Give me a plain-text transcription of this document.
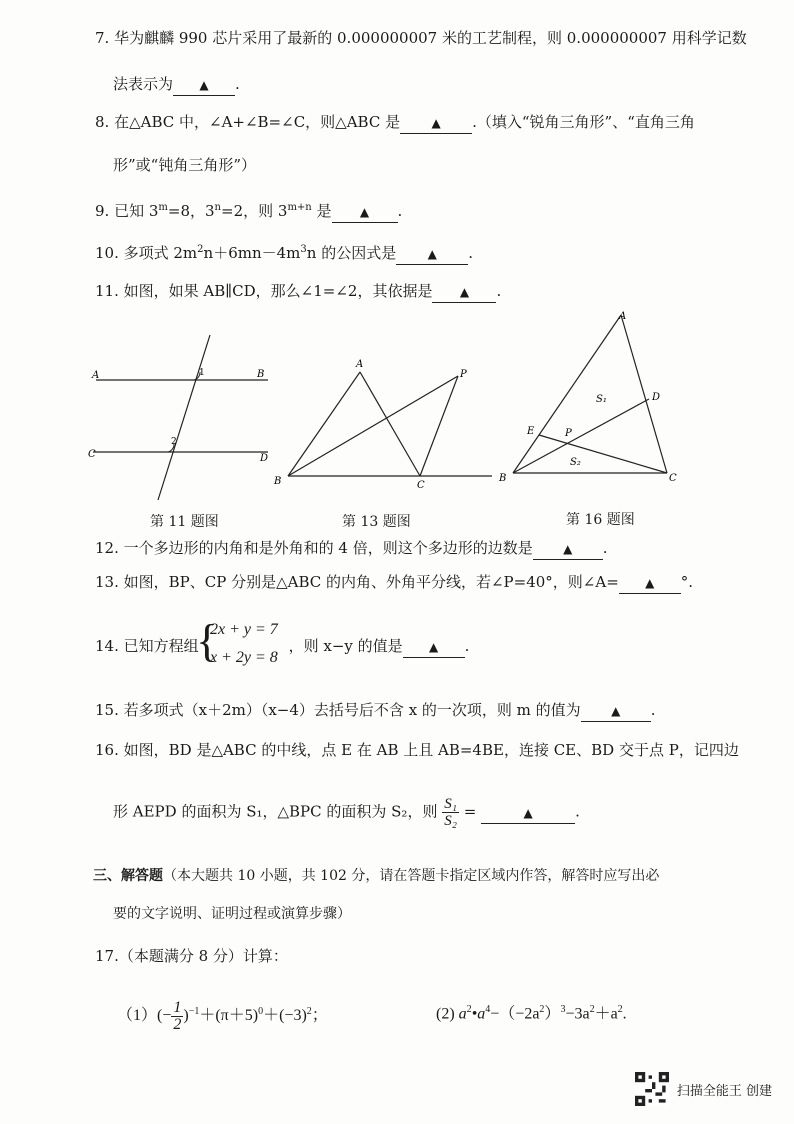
7. 华为麒麟 990 芯片采用了最新的 0.000000007 米的工艺制程，则 0.000000007 用科学记数
法表示为 ▲ .
8. 在△ABC 中，∠A+∠B=∠C，则△ABC 是	▲ .（填入“锐角三角形”、“直角三角
形”或“钝角三角形”）
9. 已知 $3^m=8$，$3^n=2$，则 $3^{m+n}$ 是 ▲ .
10. 多项式 $2m^2n+6mn-4m^3n$ 的公因式是	▲ .
11. 如图，如果 AB∥CD，那么∠1=∠2，其依据是 ▲ .
A	B
C	D
1
2
第 11 题图
A
B	C
P
第 13 题图
A
B	C
D
E	P
S₁
S₂
第 16 题图
12. 一个多边形的内角和是外角和的 4 倍，则这个多边形的边数是	▲ .
13. 如图，BP、CP 分别是△ABC 的内角、外角平分线，若∠P=40°，则∠A= ▲ °.
14. 已知方程组	，则 x−y 的值是 ▲ .
{
2x + y = 7
x + 2y = 8
15. 若多项式（x＋2m）（x−4）去括号后不含 x 的一次项，则 m 的值为	▲ .
16. 如图，BD 是△ABC 的中线，点 E 在 AB 上且 AB=4BE，连接 CE、BD 交于点 P，记四边
形 AEPD 的面积为 S₁，△BPC 的面积为 S₂，则 $\frac{\text{S₁}}{\text{S₂}}$ =	▲	.
三、解答题（本大题共 10 小题，共 102 分，请在答题卡指定区域内作答，解答时应写出必
要的文字说明、证明过程或演算步骤）
17.（本题满分 8 分）计算：
$(1)(- \frac{1}{2} )^{-1}+(\pi+5)^0+(-3)^2$；	(2) $a^2•a^4-(-2a^2)^3-3a^2+a^2$.
扫描全能王 创建
